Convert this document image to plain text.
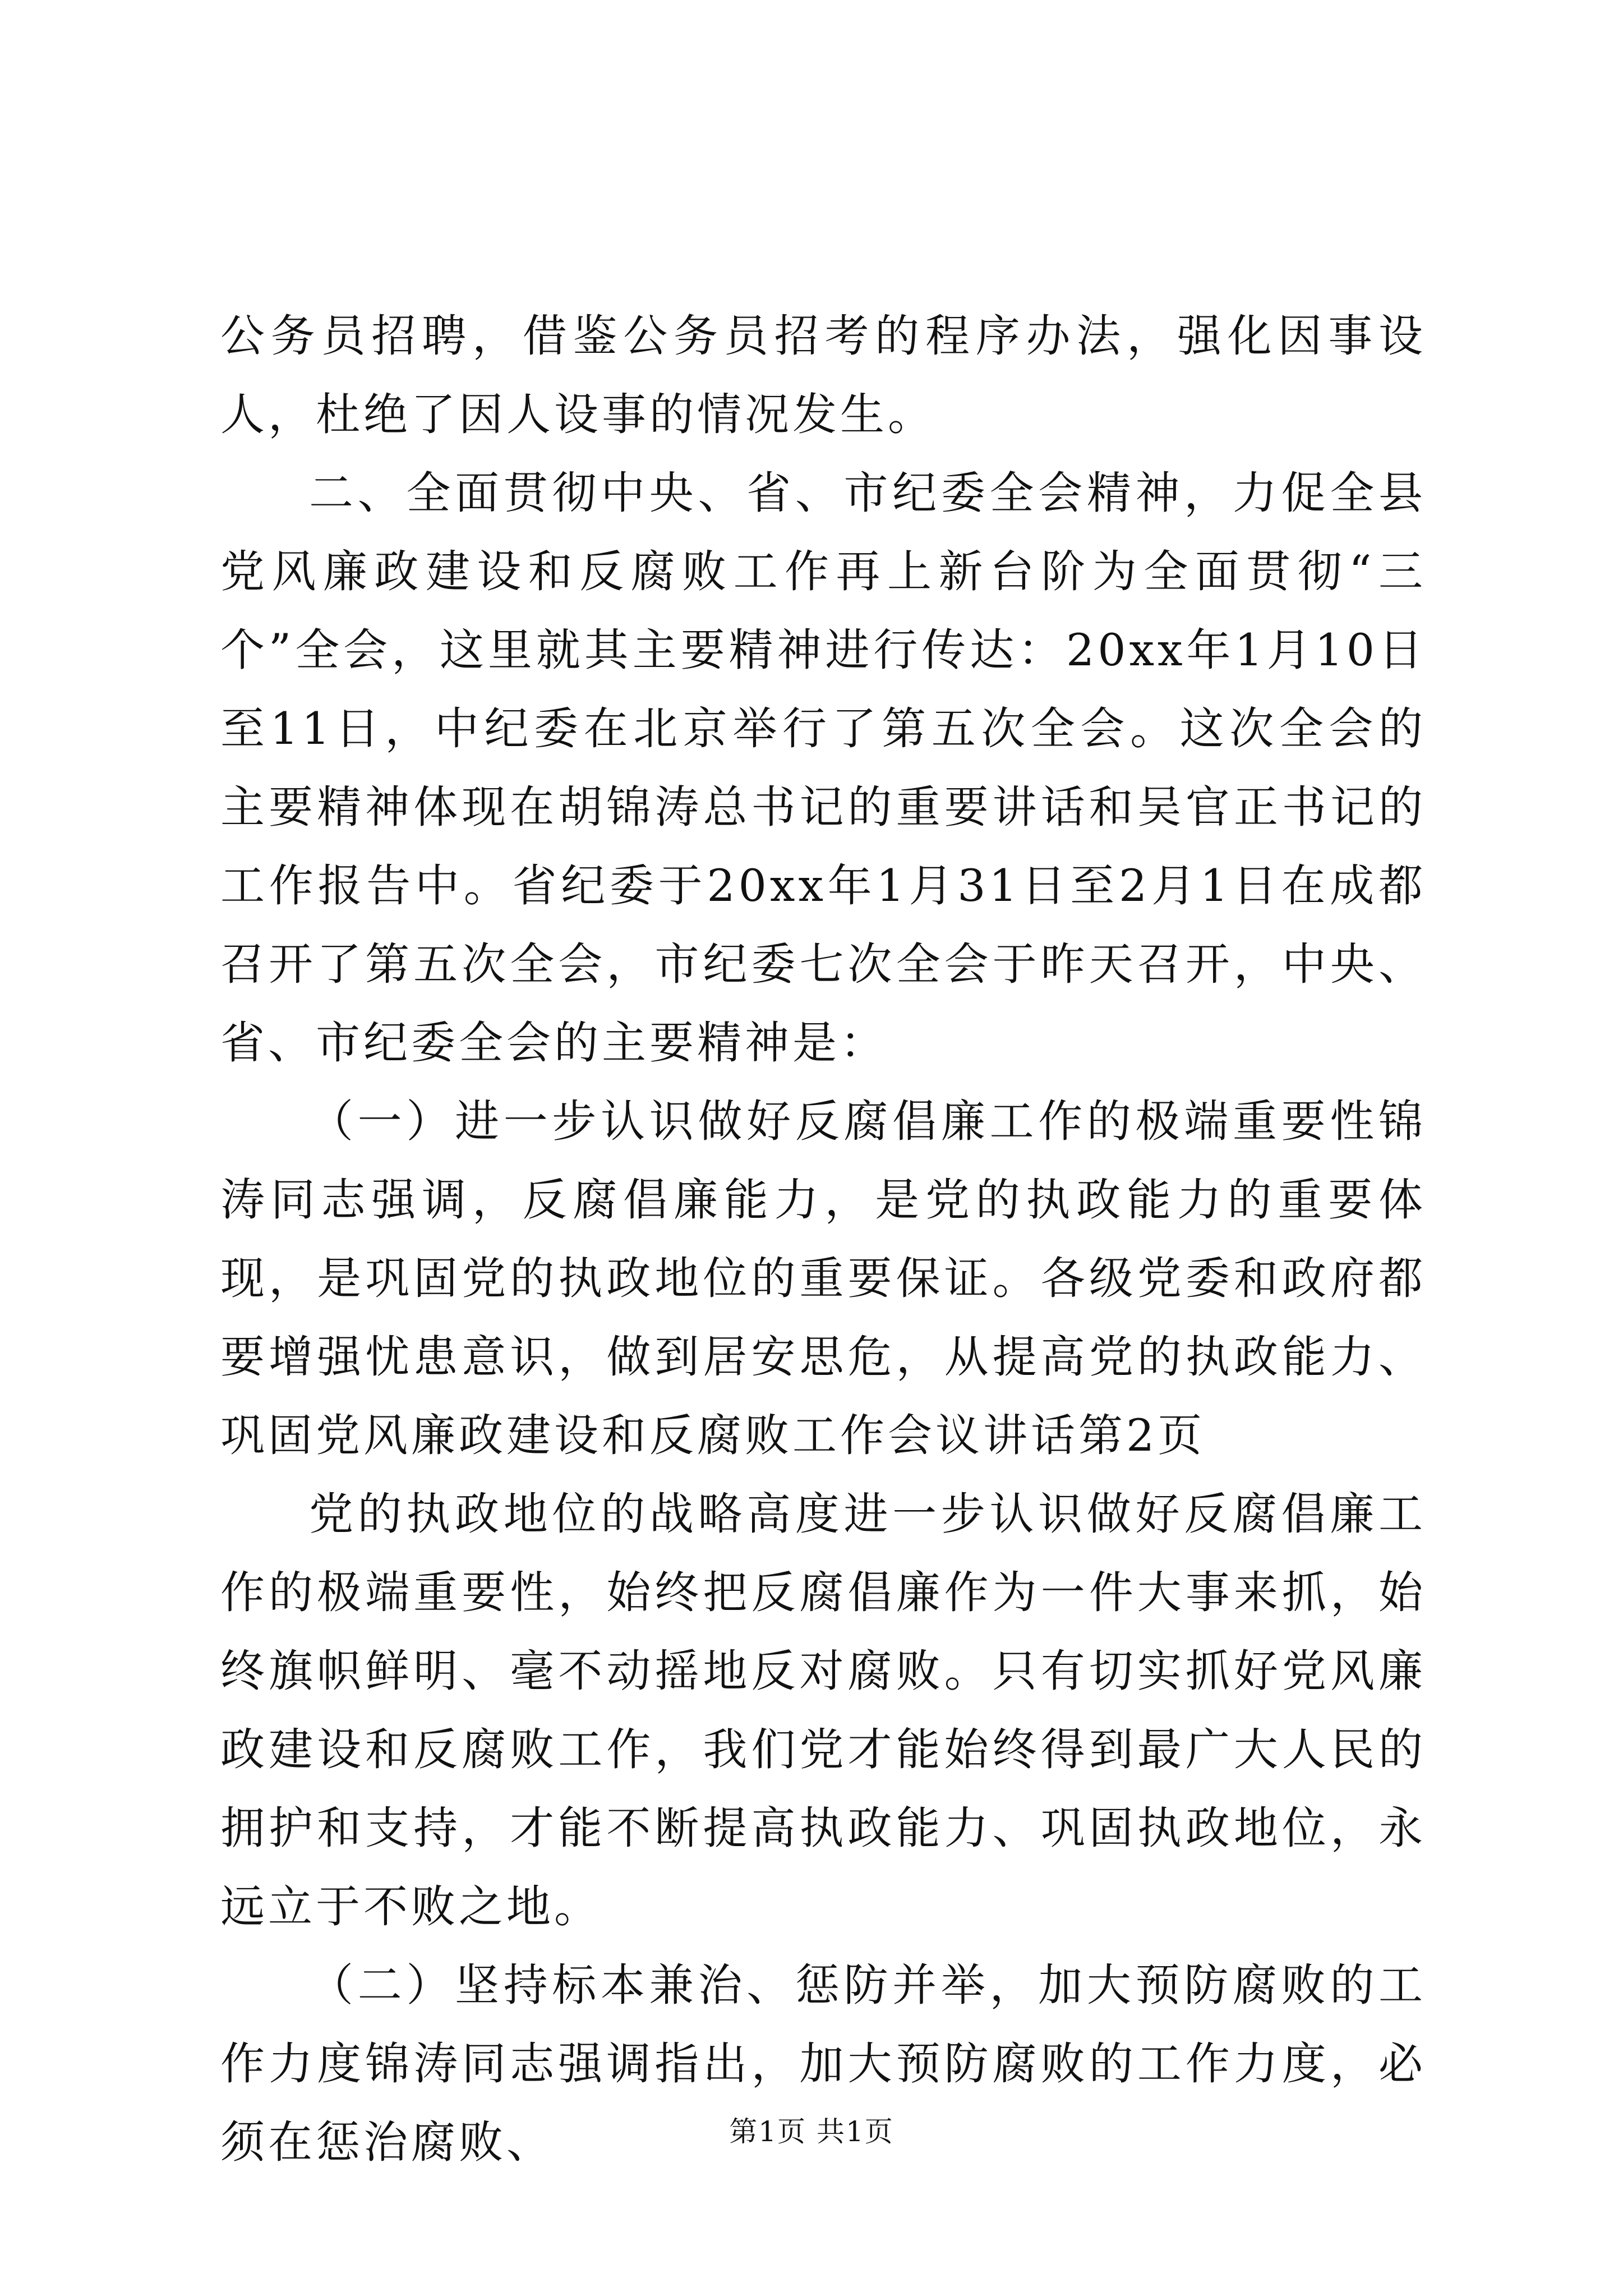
公务员招聘，借鉴公务员招考的程序办法，强化因事设人，杜绝了因人设事的情况发生。

二、全面贯彻中央、省、市纪委全会精神，力促全县党风廉政建设和反腐败工作再上新台阶为全面贯彻“三个”全会，这里就其主要精神进行传达：20xx年1月10日至11日，中纪委在北京举行了第五次全会。这次全会的主要精神体现在胡锦涛总书记的重要讲话和吴官正书记的工作报告中。省纪委于20xx年1月31日至2月1日在成都召开了第五次全会，市纪委七次全会于昨天召开，中央、省、市纪委全会的主要精神是：

（一）进一步认识做好反腐倡廉工作的极端重要性锦涛同志强调，反腐倡廉能力，是党的执政能力的重要体现，是巩固党的执政地位的重要保证。各级党委和政府都要增强忧患意识，做到居安思危，从提高党的执政能力、巩固党风廉政建设和反腐败工作会议讲话第2页

党的执政地位的战略高度进一步认识做好反腐倡廉工作的极端重要性，始终把反腐倡廉作为一件大事来抓，始终旗帜鲜明、毫不动摇地反对腐败。只有切实抓好党风廉政建设和反腐败工作，我们党才能始终得到最广大人民的拥护和支持，才能不断提高执政能力、巩固执政地位，永远立于不败之地。

（二）坚持标本兼治、惩防并举，加大预防腐败的工作力度锦涛同志强调指出，加大预防腐败的工作力度，必须在惩治腐败、	第1页 共1页
